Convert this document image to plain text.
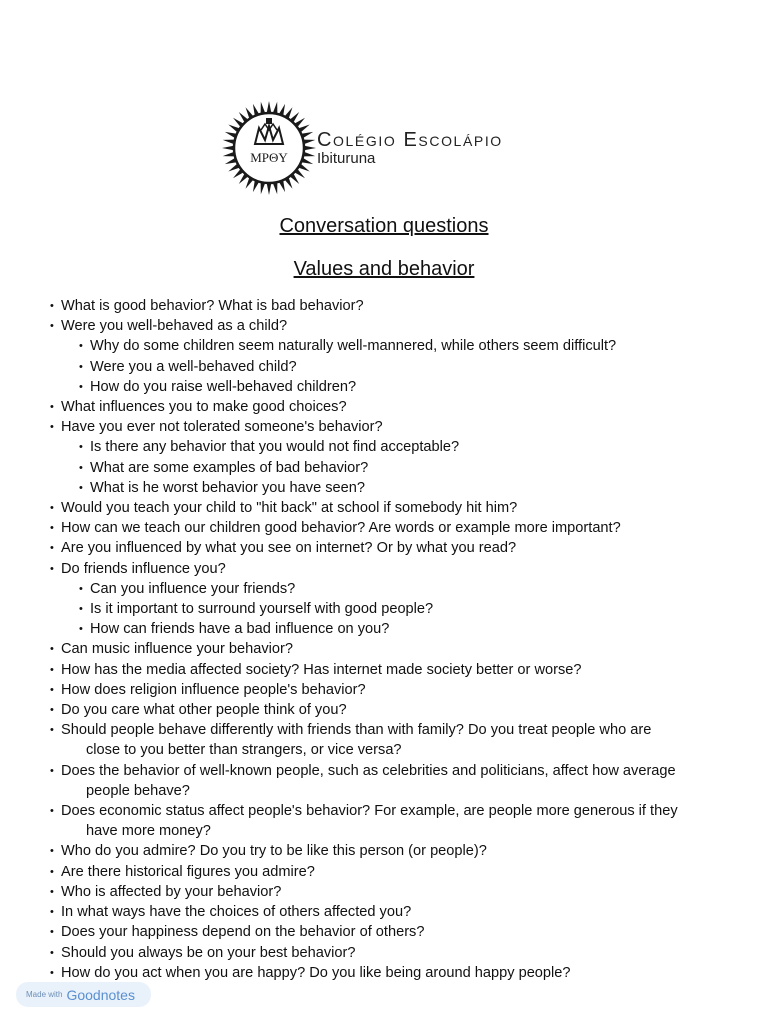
MPΘY
Colégio Escolápio
Ibituruna
Conversation questions
Values and behavior
• What is good behavior? What is bad behavior?
• Were you well-behaved as a child?
• Why do some children seem naturally well-mannered, while others seem difficult?
• Were you a well-behaved child?
• How do you raise well-behaved children?
• What influences you to make good choices?
• Have you ever not tolerated someone's behavior?
• Is there any behavior that you would not find acceptable?
• What are some examples of bad behavior?
• What is he worst behavior you have seen?
• Would you teach your child to "hit back" at school if somebody hit him?
• How can we teach our children good behavior? Are words or example more important?
• Are you influenced by what you see on internet? Or by what you read?
• Do friends influence you?
• Can you influence your friends?
• Is it important to surround yourself with good people?
• How can friends have a bad influence on you?
• Can music influence your behavior?
• How has the media affected society? Has internet made society better or worse?
• How does religion influence people's behavior?
• Do you care what other people think of you?
• Should people behave differently with friends than with family? Do you treat people who are
close to you better than strangers, or vice versa?
• Does the behavior of well-known people, such as celebrities and politicians, affect how average
people behave?
• Does economic status affect people's behavior? For example, are people more generous if they
have more money?
• Who do you admire? Do you try to be like this person (or people)?
• Are there historical figures you admire?
• Who is affected by your behavior?
• In what ways have the choices of others affected you?
• Does your happiness depend on the behavior of others?
• Should you always be on your best behavior?
• How do you act when you are happy? Do you like being around happy people?
Made with Goodnotes
